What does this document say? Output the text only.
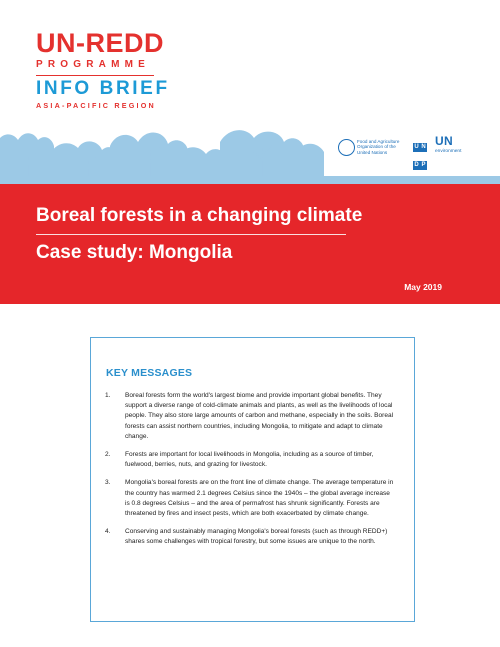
UN-REDD
PROGRAMME
INFO BRIEF
ASIA-PACIFIC REGION
Food and Agriculture Organization of the United Nations
U N D P
UN
environment
Boreal forests in a changing climate
Case study: Mongolia
May 2019
KEY MESSAGES
1. Boreal forests form the world's largest biome and provide important global benefits. They support a diverse range of cold-climate animals and plants, as well as the livelihoods of local people. They also store large amounts of carbon and methane, especially in the soils. Boreal forests can assist northern countries, including Mongolia, to mitigate and adapt to climate change.
2. Forests are important for local livelihoods in Mongolia, including as a source of timber, fuelwood, berries, nuts, and grazing for livestock.
3. Mongolia's boreal forests are on the front line of climate change. The average temperature in the country has warmed 2.1 degrees Celsius since the 1940s – the global average increase is 0.8 degrees Celsius – and the area of permafrost has shrunk significantly. Forests are threatened by fires and insect pests, which are both exacerbated by climate change.
4. Conserving and sustainably managing Mongolia's boreal forests (such as through REDD+) shares some challenges with tropical forestry, but some issues are unique to the north.
